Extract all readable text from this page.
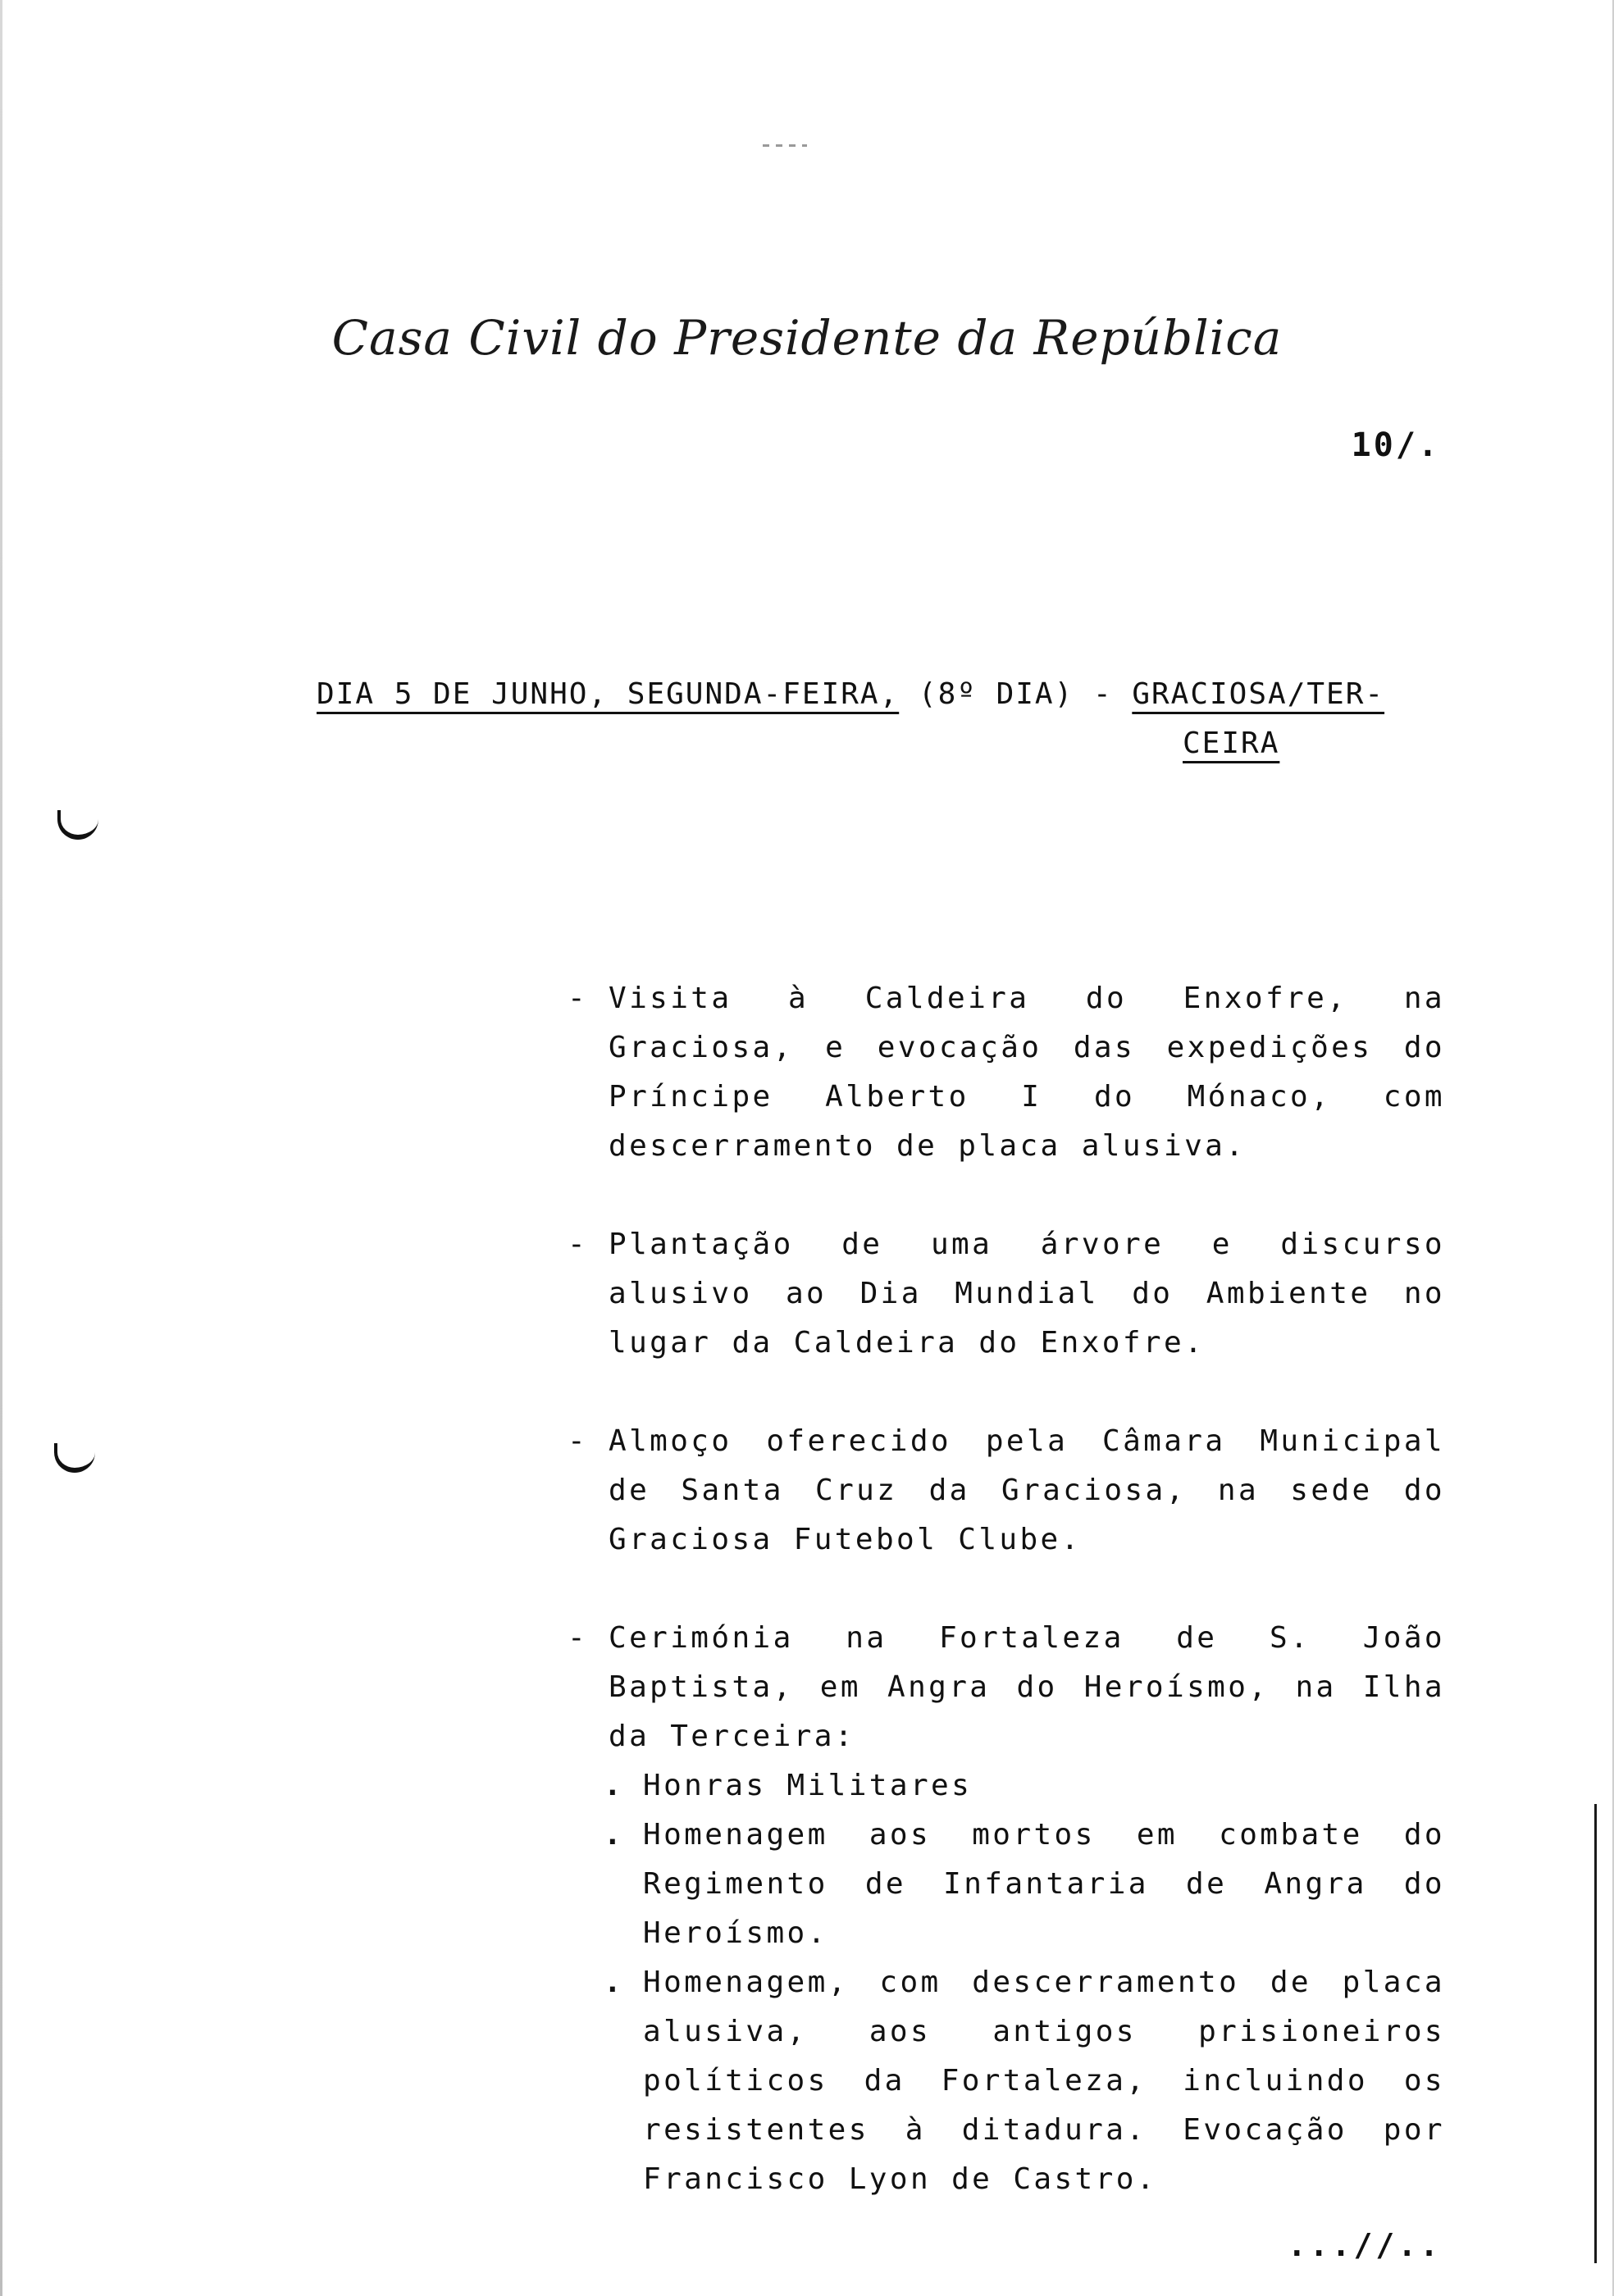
Casa Civil do Presidente da República
10/.
DIA 5 DE JUNHO, SEGUNDA-FEIRA, (8º DIA) - GRACIOSA/TER-
CEIRA
- Visita à Caldeira do Enxofre, na Graciosa, e evocação das expedições do Príncipe Alberto I do Mónaco, com descerramento de placa alusiva.
- Plantação de uma árvore e discurso alusivo ao Dia Mundial do Ambiente no lugar da Caldeira do Enxofre.
- Almoço oferecido pela Câmara Municipal de Santa Cruz da Graciosa, na sede do Graciosa Futebol Clube.
- Cerimónia na Fortaleza de S. João Baptista, em Angra do Heroísmo, na Ilha da Terceira:
. Honras Militares
. Homenagem aos mortos em combate do Regimento de Infantaria de Angra do Heroísmo.
. Homenagem, com descerramento de placa alusiva, aos antigos prisioneiros políticos da Fortaleza, incluindo os resistentes à ditadura. Evocação por Francisco Lyon de Castro.
...//..
